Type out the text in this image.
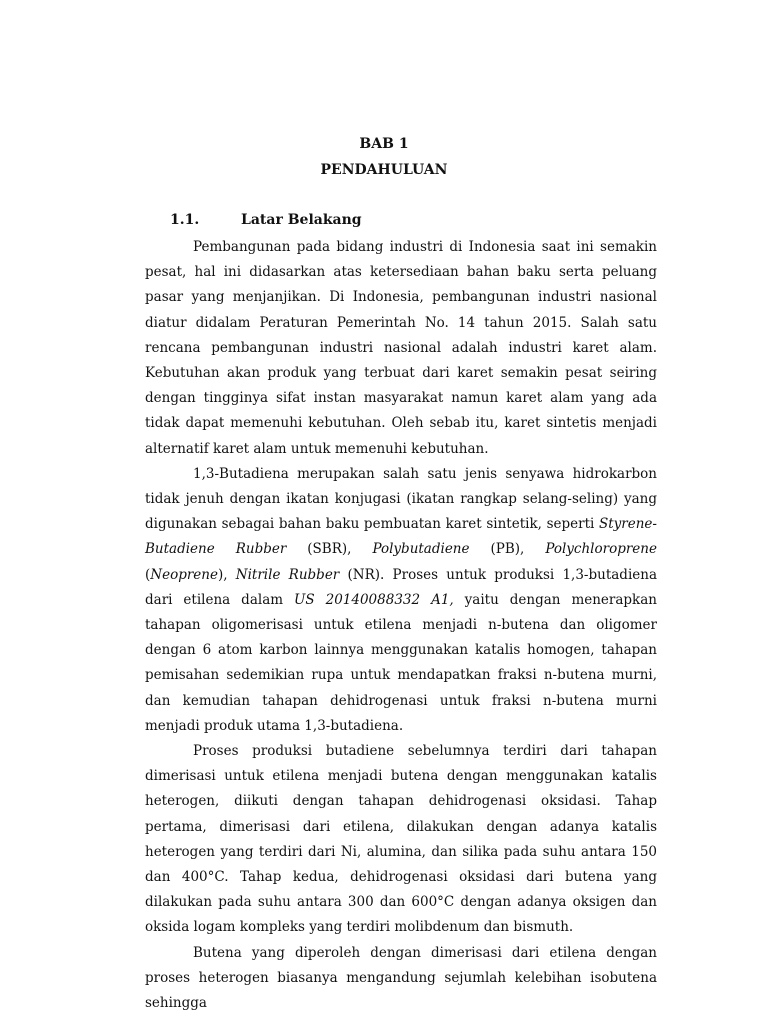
BAB 1
PENDAHULUAN
1.1.	Latar Belakang

Pembangunan pada bidang industri di Indonesia saat ini semakin pesat, hal ini didasarkan atas ketersediaan bahan baku serta peluang pasar yang menjanjikan. Di Indonesia, pembangunan industri nasional diatur didalam Peraturan Pemerintah No. 14 tahun 2015. Salah satu rencana pembangunan industri nasional adalah industri karet alam. Kebutuhan akan produk yang terbuat dari karet semakin pesat seiring dengan tingginya sifat instan masyarakat namun karet alam yang ada tidak dapat memenuhi kebutuhan. Oleh sebab itu, karet sintetis menjadi alternatif karet alam untuk memenuhi kebutuhan.

1,3-Butadiena merupakan salah satu jenis senyawa hidrokarbon tidak jenuh dengan ikatan konjugasi (ikatan rangkap selang-seling) yang digunakan sebagai bahan baku pembuatan karet sintetik, seperti Styrene-Butadiene Rubber (SBR), Polybutadiene (PB), Polychloroprene (Neoprene), Nitrile Rubber (NR). Proses untuk produksi 1,3-butadiena dari etilena dalam US 20140088332 A1, yaitu dengan menerapkan tahapan oligomerisasi untuk etilena menjadi n-butena dan oligomer dengan 6 atom karbon lainnya menggunakan katalis homogen, tahapan pemisahan sedemikian rupa untuk mendapatkan fraksi n-butena murni, dan kemudian tahapan dehidrogenasi untuk fraksi n-butena murni menjadi produk utama 1,3-butadiena.

Proses produksi butadiene sebelumnya terdiri dari tahapan dimerisasi untuk etilena menjadi butena dengan menggunakan katalis heterogen, diikuti dengan tahapan dehidrogenasi oksidasi. Tahap pertama, dimerisasi dari etilena, dilakukan dengan adanya katalis heterogen yang terdiri dari Ni, alumina, dan silika pada suhu antara 150 dan 400°C. Tahap kedua, dehidrogenasi oksidasi dari butena yang dilakukan pada suhu antara 300 dan 600°C dengan adanya oksigen dan oksida logam kompleks yang terdiri molibdenum dan bismuth.

Butena yang diperoleh dengan dimerisasi dari etilena dengan proses heterogen biasanya mengandung sejumlah kelebihan isobutena sehingga
